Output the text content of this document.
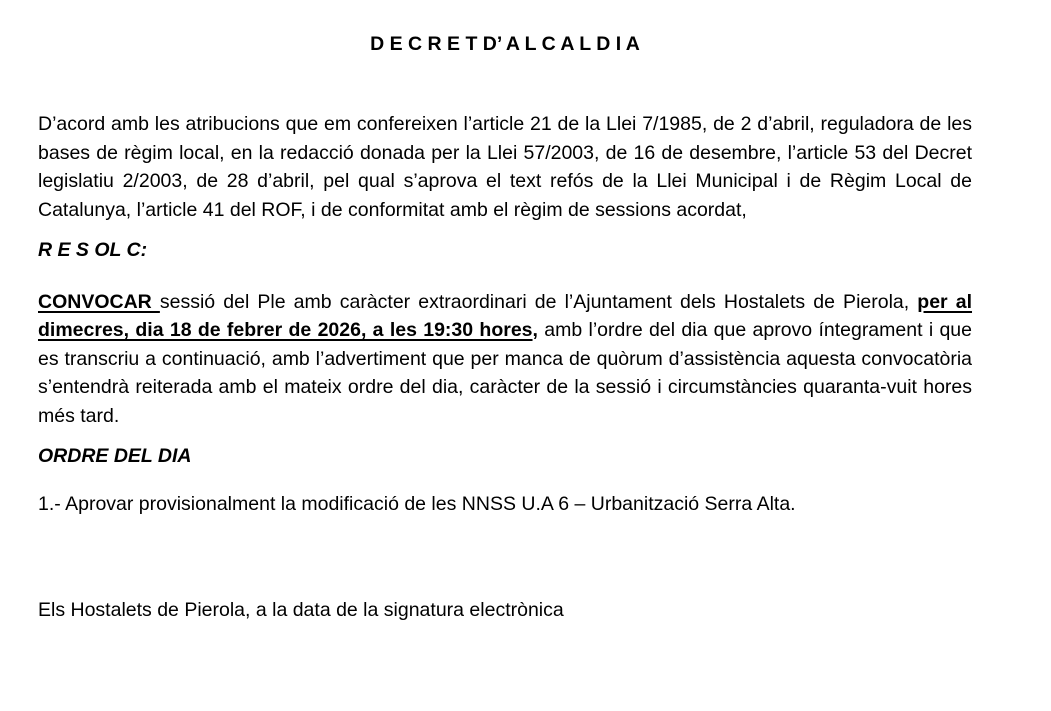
D E C R E T D’ A L C A L D I A

D’acord amb les atribucions que em confereixen l’article 21 de la Llei 7/1985, de 2 d’abril, reguladora de les bases de règim local, en la redacció donada per la Llei 57/2003, de 16 de desembre, l’article 53 del Decret legislatiu 2/2003, de 28 d’abril, pel qual s’aprova el text refós de la Llei Municipal i de Règim Local de Catalunya, l’article 41 del ROF, i de conformitat amb el règim de sessions acordat,

R E S OL C:

CONVOCAR sessió del Ple amb caràcter extraordinari de l’Ajuntament dels Hostalets de Pierola, per al dimecres, dia 18 de febrer de 2026, a les 19:30 hores, amb l’ordre del dia que aprovo íntegrament i que es transcriu a continuació, amb l’advertiment que per manca de quòrum d’assistència aquesta convocatòria s’entendrà reiterada amb el mateix ordre del dia, caràcter de la sessió i circumstàncies quaranta-vuit hores més tard.

ORDRE DEL DIA

1.- Aprovar provisionalment la modificació de les NNSS U.A 6 – Urbanització Serra Alta.

Els Hostalets de Pierola, a la data de la signatura electrònica
